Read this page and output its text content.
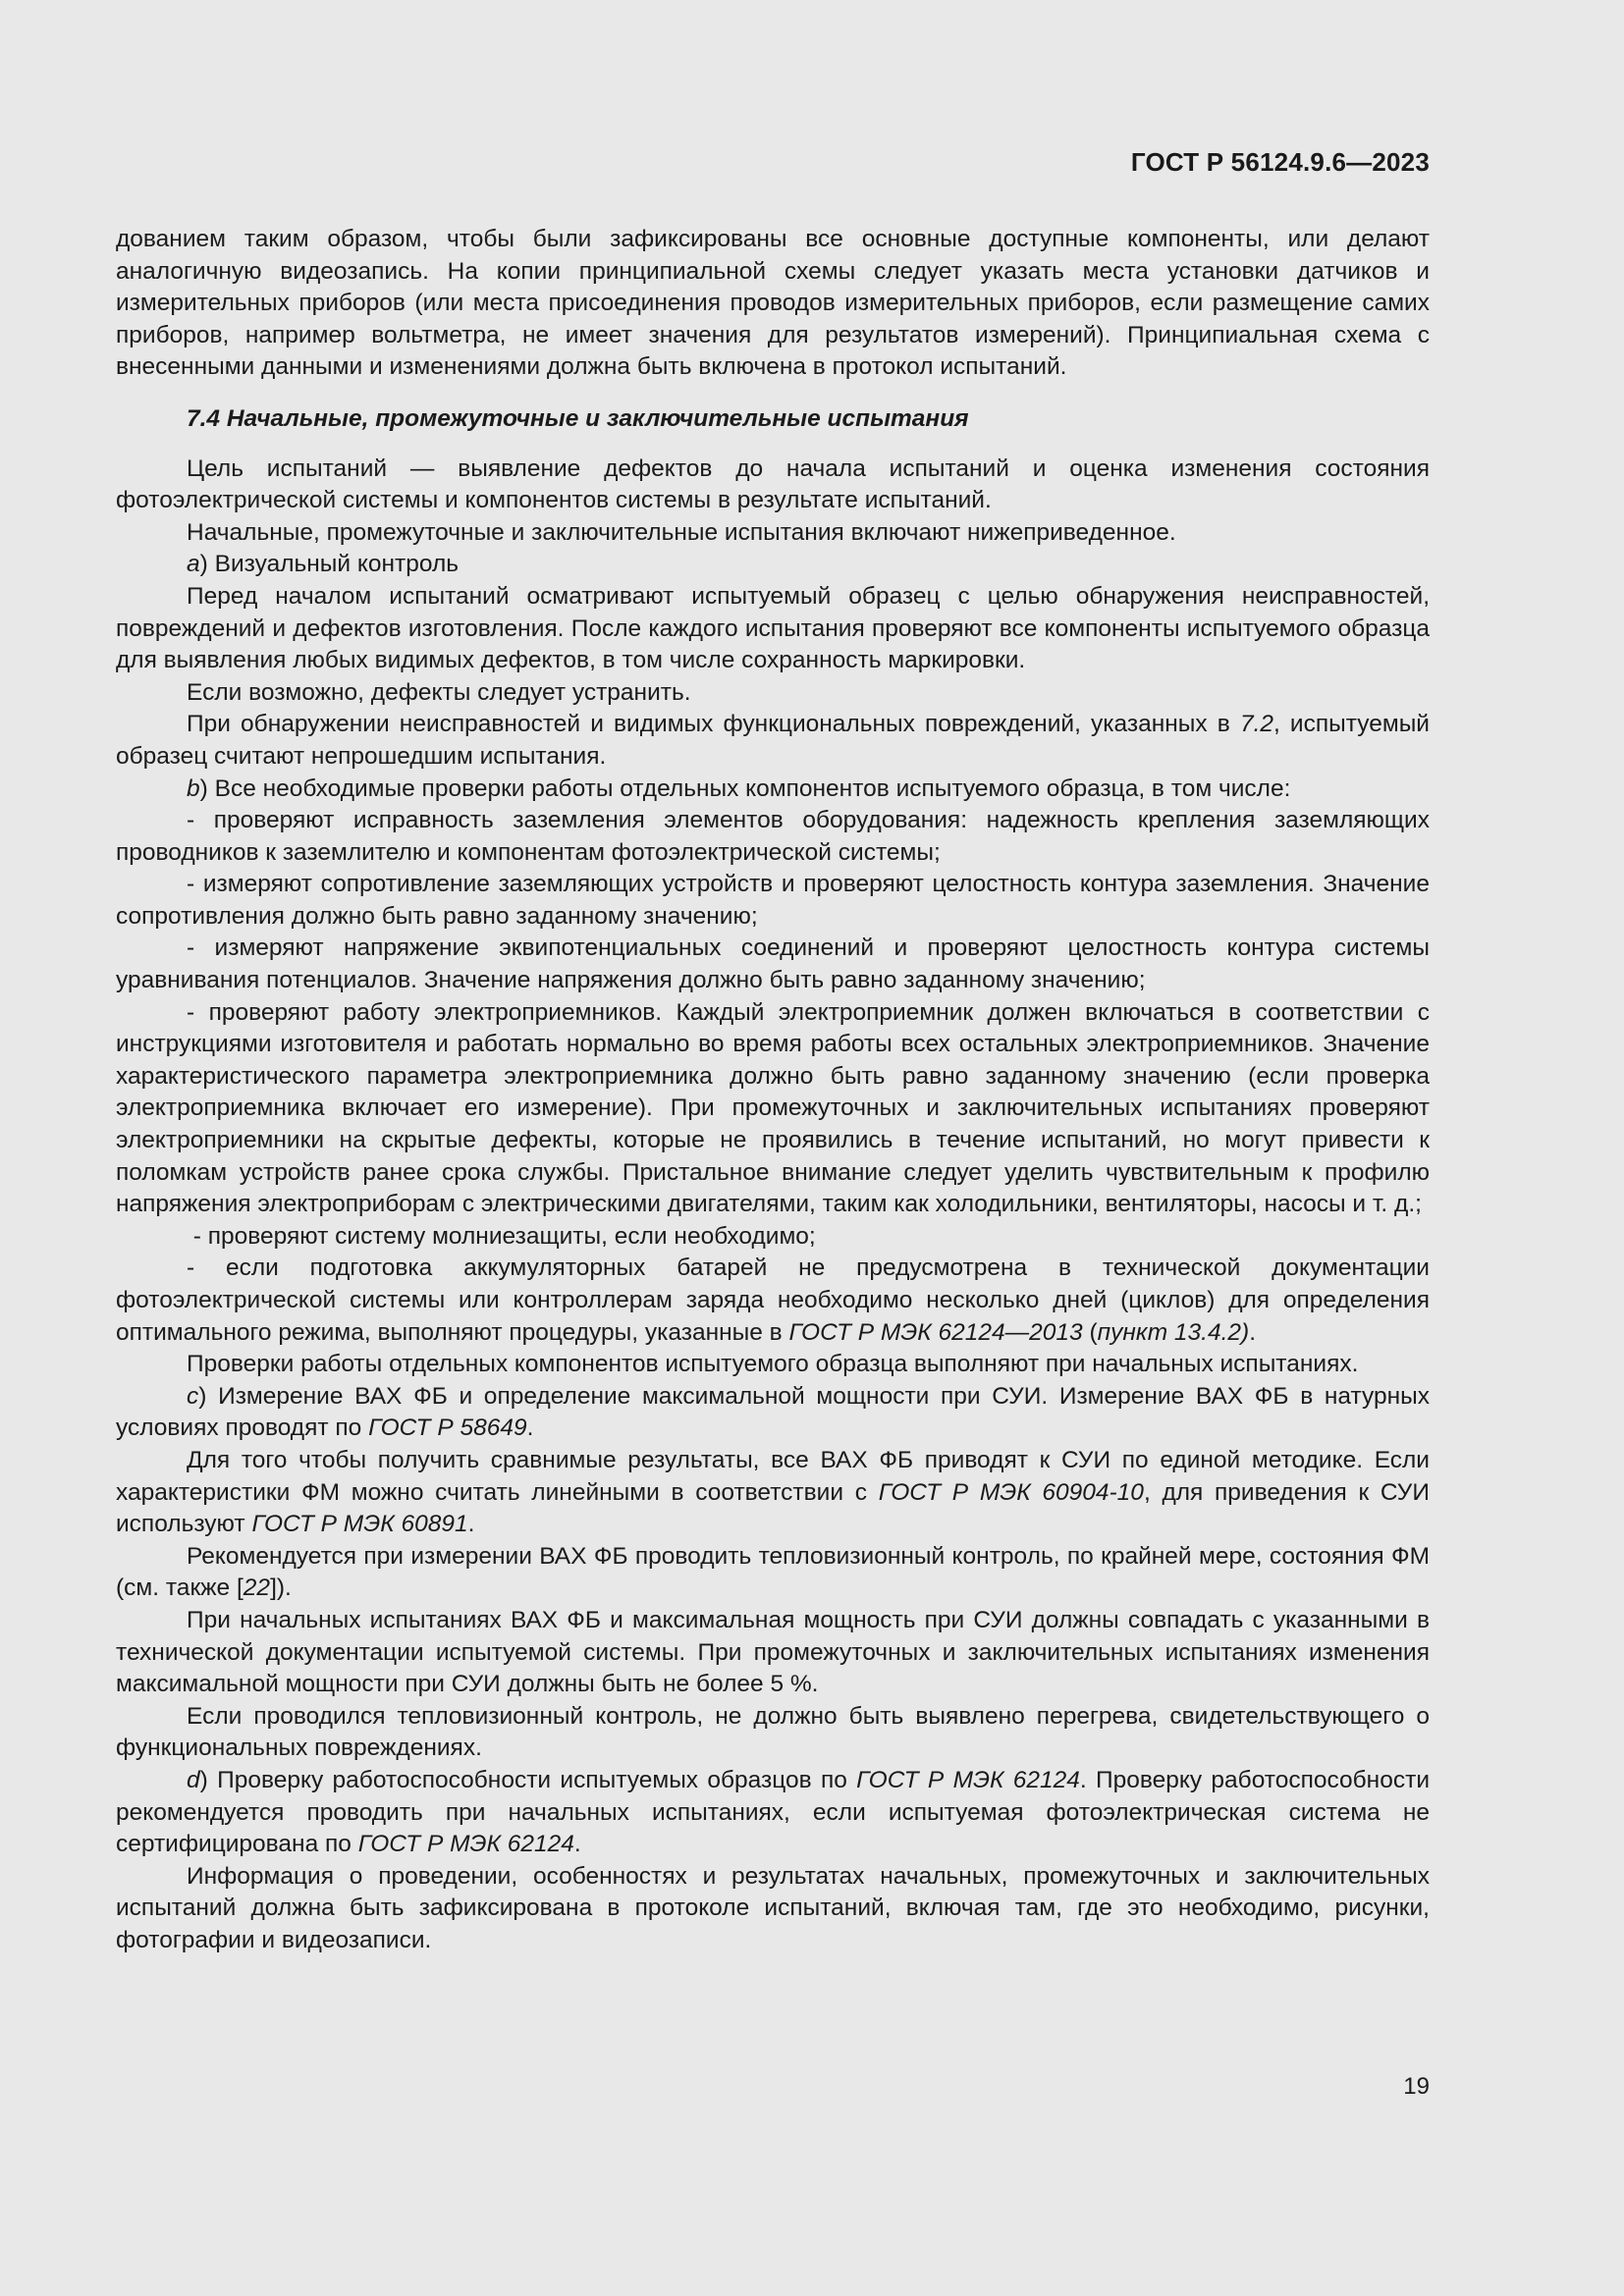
ГОСТ Р 56124.9.6—2023

дованием таким образом, чтобы были зафиксированы все основные доступные компоненты, или делают аналогичную видеозапись. На копии принципиальной схемы следует указать места установки датчиков и измерительных приборов (или места присоединения проводов измерительных приборов, если размещение самих приборов, например вольтметра, не имеет значения для результатов измерений). Принципиальная схема с внесенными данными и изменениями должна быть включена в протокол испытаний.

7.4 Начальные, промежуточные и заключительные испытания

Цель испытаний — выявление дефектов до начала испытаний и оценка изменения состояния фотоэлектрической системы и компонентов системы в результате испытаний.

Начальные, промежуточные и заключительные испытания включают нижеприведенное.

а) Визуальный контроль

Перед началом испытаний осматривают испытуемый образец с целью обнаружения неисправностей, повреждений и дефектов изготовления. После каждого испытания проверяют все компоненты испытуемого образца для выявления любых видимых дефектов, в том числе сохранность маркировки.

Если возможно, дефекты следует устранить.

При обнаружении неисправностей и видимых функциональных повреждений, указанных в 7.2, испытуемый образец считают непрошедшим испытания.

b) Все необходимые проверки работы отдельных компонентов испытуемого образца, в том числе:

- проверяют исправность заземления элементов оборудования: надежность крепления заземляющих проводников к заземлителю и компонентам фотоэлектрической системы;

- измеряют сопротивление заземляющих устройств и проверяют целостность контура заземления. Значение сопротивления должно быть равно заданному значению;

- измеряют напряжение эквипотенциальных соединений и проверяют целостность контура системы уравнивания потенциалов. Значение напряжения должно быть равно заданному значению;

- проверяют работу электроприемников. Каждый электроприемник должен включаться в соответствии с инструкциями изготовителя и работать нормально во время работы всех остальных электроприемников. Значение характеристического параметра электроприемника должно быть равно заданному значению (если проверка электроприемника включает его измерение). При промежуточных и заключительных испытаниях проверяют электроприемники на скрытые дефекты, которые не проявились в течение испытаний, но могут привести к поломкам устройств ранее срока службы. Пристальное внимание следует уделить чувствительным к профилю напряжения электроприборам с электрическими двигателями, таким как холодильники, вентиляторы, насосы и т. д.;

- проверяют систему молниезащиты, если необходимо;

- если подготовка аккумуляторных батарей не предусмотрена в технической документации фотоэлектрической системы или контроллерам заряда необходимо несколько дней (циклов) для определения оптимального режима, выполняют процедуры, указанные в ГОСТ Р МЭК 62124—2013 (пункт 13.4.2).

Проверки работы отдельных компонентов испытуемого образца выполняют при начальных испытаниях.

с) Измерение ВАХ ФБ и определение максимальной мощности при СУИ. Измерение ВАХ ФБ в натурных условиях проводят по ГОСТ Р 58649.

Для того чтобы получить сравнимые результаты, все ВАХ ФБ приводят к СУИ по единой методике. Если характеристики ФМ можно считать линейными в соответствии с ГОСТ Р МЭК 60904-10, для приведения к СУИ используют ГОСТ Р МЭК 60891.

Рекомендуется при измерении ВАХ ФБ проводить тепловизионный контроль, по крайней мере, состояния ФМ (см. также [22]).

При начальных испытаниях ВАХ ФБ и максимальная мощность при СУИ должны совпадать с указанными в технической документации испытуемой системы. При промежуточных и заключительных испытаниях изменения максимальной мощности при СУИ должны быть не более 5 %.

Если проводился тепловизионный контроль, не должно быть выявлено перегрева, свидетельствующего о функциональных повреждениях.

d) Проверку работоспособности испытуемых образцов по ГОСТ Р МЭК 62124. Проверку работоспособности рекомендуется проводить при начальных испытаниях, если испытуемая фотоэлектрическая система не сертифицирована по ГОСТ Р МЭК 62124.

Информация о проведении, особенностях и результатах начальных, промежуточных и заключительных испытаний должна быть зафиксирована в протоколе испытаний, включая там, где это необходимо, рисунки, фотографии и видеозаписи.

19
